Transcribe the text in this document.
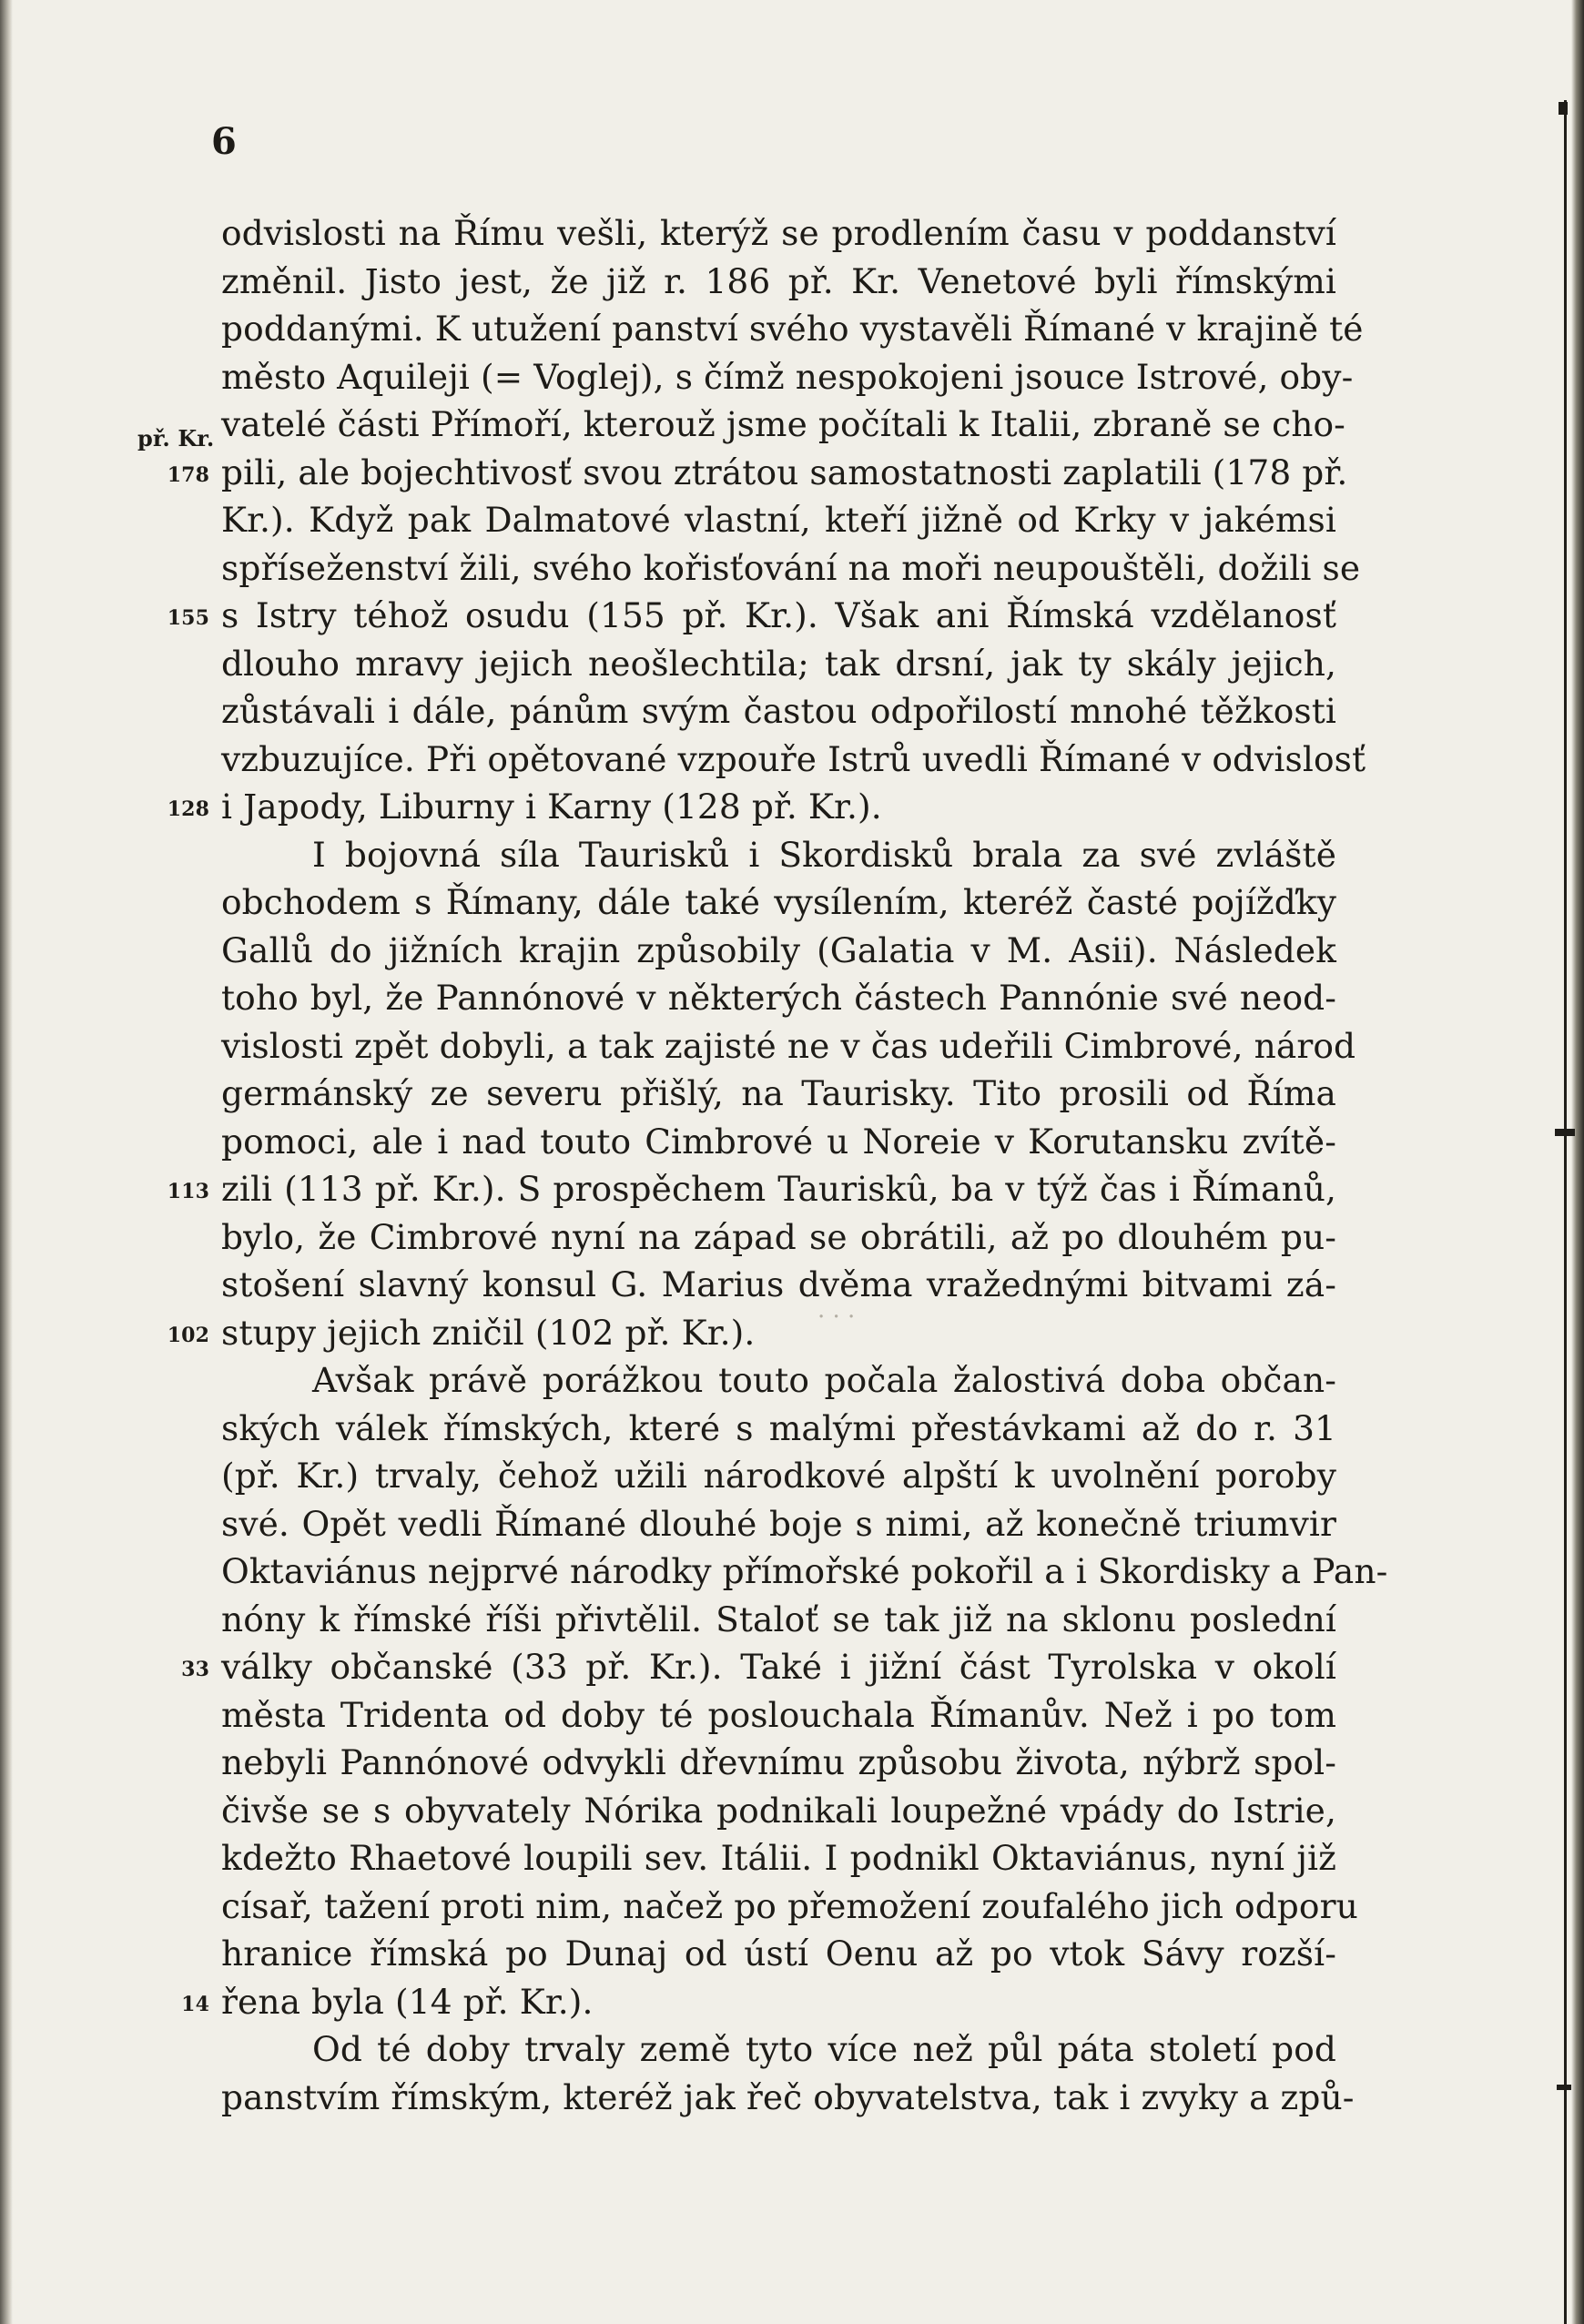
6
odvislosti na Římu vešli, kterýž se prodlením času v poddanství
změnil. Jisto jest, že již r. 186 př. Kr. Venetové byli římskými
poddanými. K utužení panství svého vystavěli Římané v krajině té
město Aquileji (= Voglej), s čímž nespokojeni jsouce Istrové, oby-
vatelé části Přímoří, kterouž jsme počítali k Italii, zbraně se cho-
pili, ale bojechtivosť svou ztrátou samostatnosti zaplatili (178 př.
178
př. Kr.
Kr.). Když pak Dalmatové vlastní, kteří jižně od Krky v jakémsi
spříseženství žili, svého kořisťování na moři neupouštěli, dožili se
s Istry téhož osudu (155 př. Kr.). Však ani Římská vzdělanosť
155
dlouho mravy jejich neošlechtila; tak drsní, jak ty skály jejich,
zůstávali i dále, pánům svým častou odpořilostí mnohé těžkosti
vzbuzujíce. Při opětované vzpouře Istrů uvedli Římané v odvislosť
i Japody, Liburny i Karny (128 př. Kr.).
128
I bojovná síla Taurisků i Skordisků brala za své zvláště
obchodem s Římany, dále také vysílením, kteréž časté pojížďky
Gallů do jižních krajin způsobily (Galatia v M. Asii). Následek
toho byl, že Pannónové v některých částech Pannónie své neod-
vislosti zpět dobyli, a tak zajisté ne v čas udeřili Cimbrové, národ
germánský ze severu přišlý, na Taurisky. Tito prosili od Říma
pomoci, ale i nad touto Cimbrové u Noreie v Korutansku zvítě-
zili (113 př. Kr.). S prospěchem Tauriskû, ba v týž čas i Římanů,
113
bylo, že Cimbrové nyní na západ se obrátili, až po dlouhém pu-
stošení slavný konsul G. Marius dvěma vražednými bitvami zá-
stupy jejich zničil (102 př. Kr.).
102
Avšak právě porážkou touto počala žalostivá doba občan-
ských válek římských, které s malými přestávkami až do r. 31
(př. Kr.) trvaly, čehož užili národkové alpští k uvolnění poroby
své. Opět vedli Římané dlouhé boje s nimi, až konečně triumvir
Oktaviánus nejprvé národky přímořské pokořil a i Skordisky a Pan-
nóny k římské říši přivtělil. Staloť se tak již na sklonu poslední
války občanské (33 př. Kr.). Také i jižní část Tyrolska v okolí
33
města Tridenta od doby té poslouchala Římanův. Než i po tom
nebyli Pannónové odvykli dřevnímu způsobu života, nýbrž spol-
čivše se s obyvately Nórika podnikali loupežné vpády do Istrie,
kdežto Rhaetové loupili sev. Itálii. I podnikl Oktaviánus, nyní již
císař, tažení proti nim, načež po přemožení zoufalého jich odporu
hranice římská po Dunaj od ústí Oenu až po vtok Sávy rozší-
řena byla (14 př. Kr.).
14
Od té doby trvaly země tyto více než půl páta století pod
panstvím římským, kteréž jak řeč obyvatelstva, tak i zvyky a způ-
· · ·
